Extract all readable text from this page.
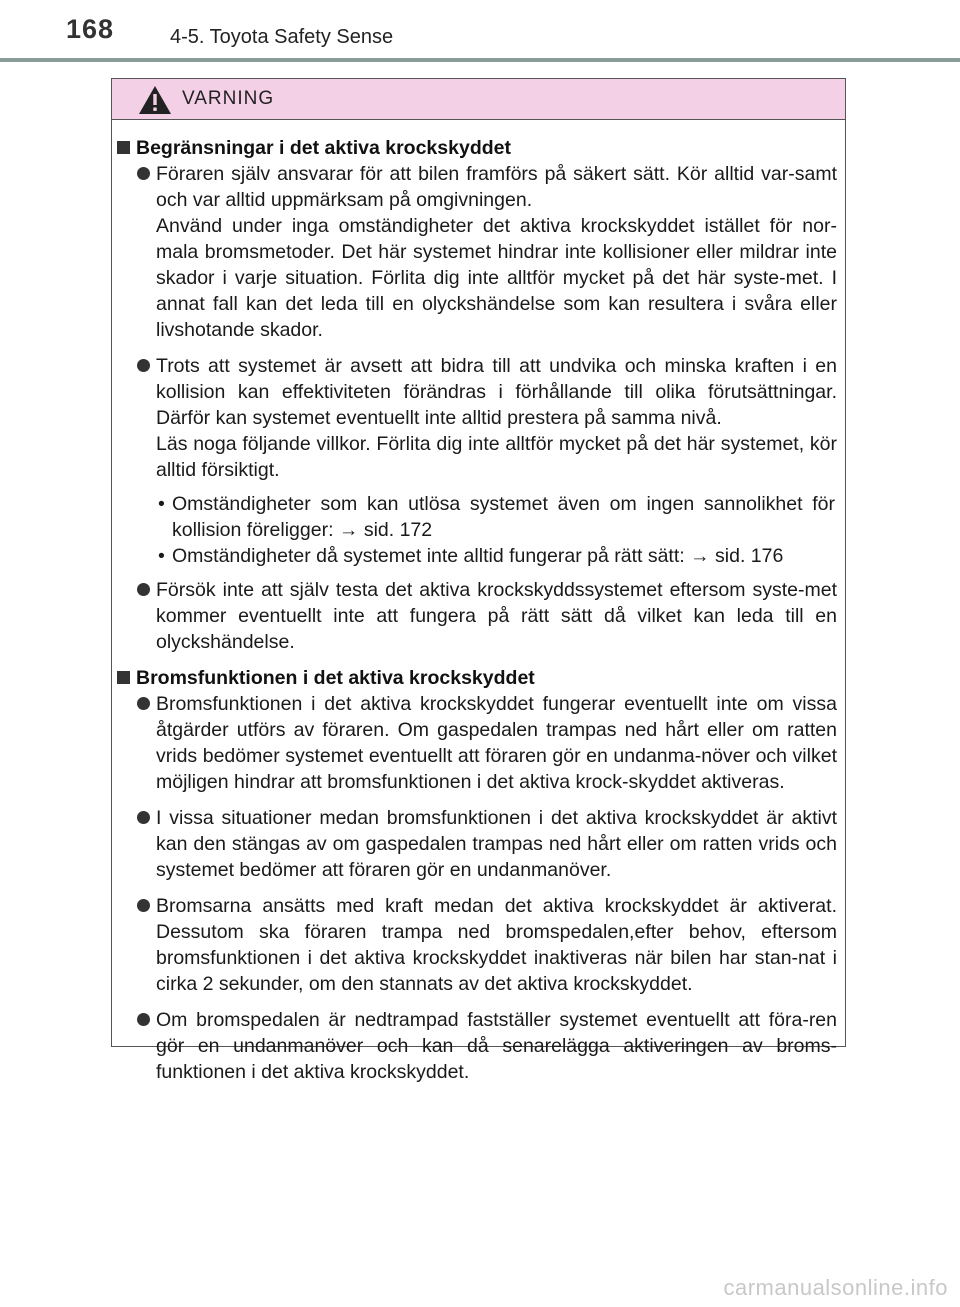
168	4-5. Toyota Safety Sense
VARNING
Begränsningar i det aktiva krockskyddet

Föraren själv ansvarar för att bilen framförs på säkert sätt. Kör alltid var-samt och var alltid uppmärksam på omgivningen.

Använd under inga omständigheter det aktiva krockskyddet istället för nor-mala bromsmetoder. Det här systemet hindrar inte kollisioner eller mildrar inte skador i varje situation. Förlita dig inte alltför mycket på det här syste-met. I annat fall kan det leda till en olyckshändelse som kan resultera i svåra eller livshotande skador.

Trots att systemet är avsett att bidra till att undvika och minska kraften i en kollision kan effektiviteten förändras i förhållande till olika förutsättningar. Därför kan systemet eventuellt inte alltid prestera på samma nivå.

Läs noga följande villkor. Förlita dig inte alltför mycket på det här systemet, kör alltid försiktigt.

• Omständigheter som kan utlösa systemet även om ingen sannolikhet för kollision föreligger: → sid. 172
• Omständigheter då systemet inte alltid fungerar på rätt sätt: → sid. 176

Försök inte att själv testa det aktiva krockskyddssystemet eftersom syste-met kommer eventuellt inte att fungera på rätt sätt då vilket kan leda till en olyckshändelse.

Bromsfunktionen i det aktiva krockskyddet

Bromsfunktionen i det aktiva krockskyddet fungerar eventuellt inte om vissa åtgärder utförs av föraren. Om gaspedalen trampas ned hårt eller om ratten vrids bedömer systemet eventuellt att föraren gör en undanma-növer och vilket möjligen hindrar att bromsfunktionen i det aktiva krock-skyddet aktiveras.

I vissa situationer medan bromsfunktionen i det aktiva krockskyddet är aktivt kan den stängas av om gaspedalen trampas ned hårt eller om ratten vrids och systemet bedömer att föraren gör en undanmanöver.

Bromsarna ansätts med kraft medan det aktiva krockskyddet är aktiverat. Dessutom ska föraren trampa ned bromspedalen,efter behov, eftersom bromsfunktionen i det aktiva krockskyddet inaktiveras när bilen har stan-nat i cirka 2 sekunder, om den stannats av det aktiva krockskyddet.

Om bromspedalen är nedtrampad fastställer systemet eventuellt att föra-ren gör en undanmanöver och kan då senarelägga aktiveringen av broms-funktionen i det aktiva krockskyddet.

carmanualsonline.info
